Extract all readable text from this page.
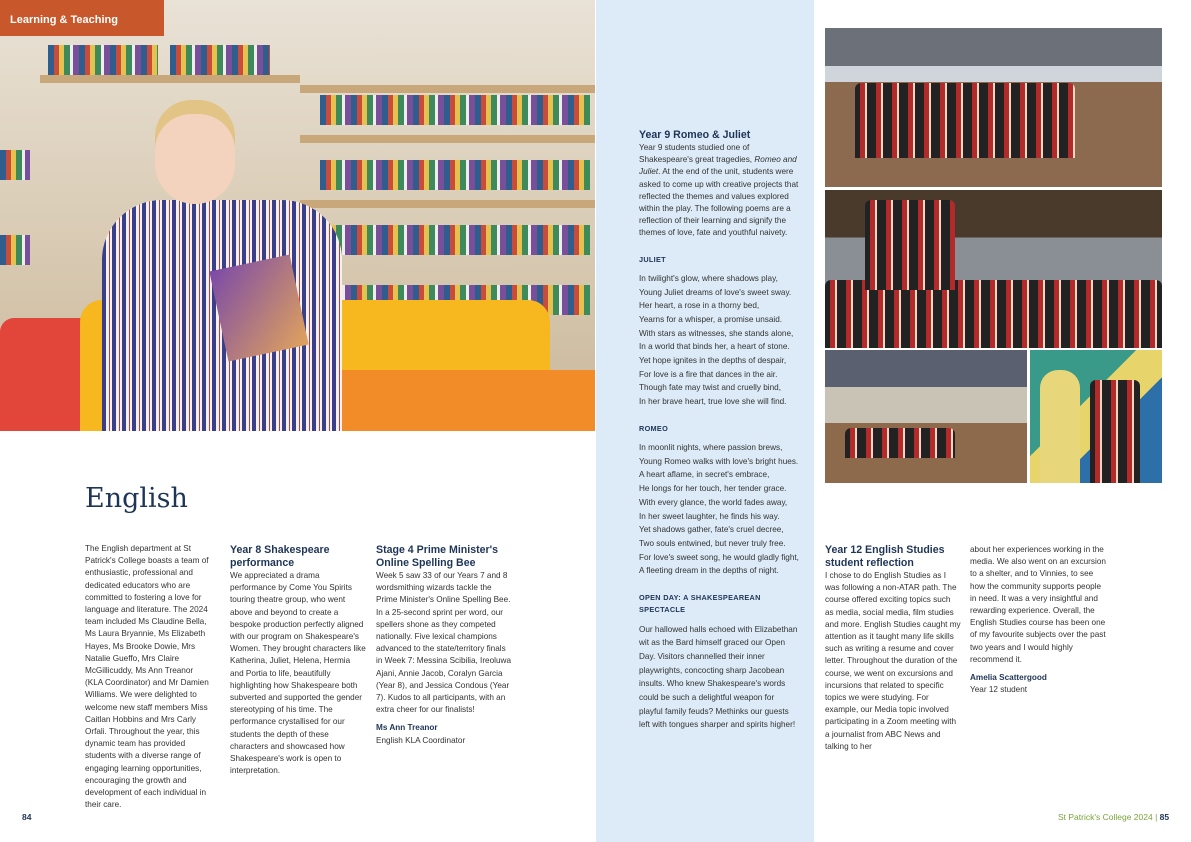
Learning & Teaching
English

The English department at St Patrick's College boasts a team of enthusiastic, professional and dedicated educators who are committed to fostering a love for language and literature. The 2024 team included Ms Claudine Bella, Ms Laura Bryannie, Ms Elizabeth Hayes, Ms Brooke Dowie, Mrs Natalie Gueffo, Mrs Claire McGillicuddy, Ms Ann Treanor (KLA Coordinator) and Mr Damien Williams. We were delighted to welcome new staff members Miss Caitlan Hobbins and Mrs Carly Orfali. Throughout the year, this dynamic team has provided students with a diverse range of engaging learning opportunities, encouraging the growth and development of each individual in their care.

Year 8 Shakespeare performance

We appreciated a drama performance by Come You Spirits touring theatre group, who went above and beyond to create a bespoke production perfectly aligned with our program on Shakespeare's Women. They brought characters like Katherina, Juliet, Helena, Hermia and Portia to life, beautifully highlighting how Shakespeare both subverted and supported the gender stereotyping of his time. The performance crystallised for our students the depth of these characters and showcased how Shakespeare's work is open to interpretation.

Stage 4 Prime Minister's Online Spelling Bee

Week 5 saw 33 of our Years 7 and 8 wordsmithing wizards tackle the Prime Minister's Online Spelling Bee. In a 25-second sprint per word, our spellers shone as they competed nationally. Five lexical champions advanced to the state/territory finals in Week 7: Messina Scibilia, Ireoluwa Ajani, Annie Jacob, Coralyn Garcia (Year 8), and Jessica Condous (Year 7). Kudos to all participants, with an extra cheer for our finalists!

Ms Ann Treanor

English KLA Coordinator

Year 9 Romeo & Juliet

Year 9 students studied one of Shakespeare's great tragedies, Romeo and Juliet. At the end of the unit, students were asked to come up with creative projects that reflected the themes and values explored within the play. The following poems are a reflection of their learning and signify the themes of love, fate and youthful naivety.

JULIET

In twilight's glow, where shadows play,

Young Juliet dreams of love's sweet sway.

Her heart, a rose in a thorny bed,

Yearns for a whisper, a promise unsaid.

With stars as witnesses, she stands alone,

In a world that binds her, a heart of stone.

Yet hope ignites in the depths of despair,

For love is a fire that dances in the air.

Though fate may twist and cruelly bind,

In her brave heart, true love she will find.

ROMEO

In moonlit nights, where passion brews,

Young Romeo walks with love's bright hues.

A heart aflame, in secret's embrace,

He longs for her touch, her tender grace.

With every glance, the world fades away,

In her sweet laughter, he finds his way.

Yet shadows gather, fate's cruel decree,

Two souls entwined, but never truly free.

For love's sweet song, he would gladly fight,

A fleeting dream in the depths of night.

OPEN DAY: A SHAKESPEAREAN SPECTACLE

Our hallowed halls echoed with Elizabethan wit as the Bard himself graced our Open Day. Visitors channelled their inner playwrights, concocting sharp Jacobean insults. Who knew Shakespeare's words could be such a delightful weapon for playful family feuds? Methinks our guests left with tongues sharper and spirits higher!

Year 12 English Studies student reflection

I chose to do English Studies as I was following a non-ATAR path. The course offered exciting topics such as media, social media, film studies and more. English Studies caught my attention as it taught many life skills such as writing a resume and cover letter. Throughout the duration of the course, we went on excursions and incursions that related to specific topics we were studying. For example, our Media topic involved participating in a Zoom meeting with a journalist from ABC News and talking to her

about her experiences working in the media. We also went on an excursion to a shelter, and to Vinnies, to see how the community supports people in need. It was a very insightful and rewarding experience. Overall, the English Studies course has been one of my favourite subjects over the past two years and I would highly recommend it.

Amelia Scattergood

Year 12 student

84	St Patrick's College 2024 | 85
